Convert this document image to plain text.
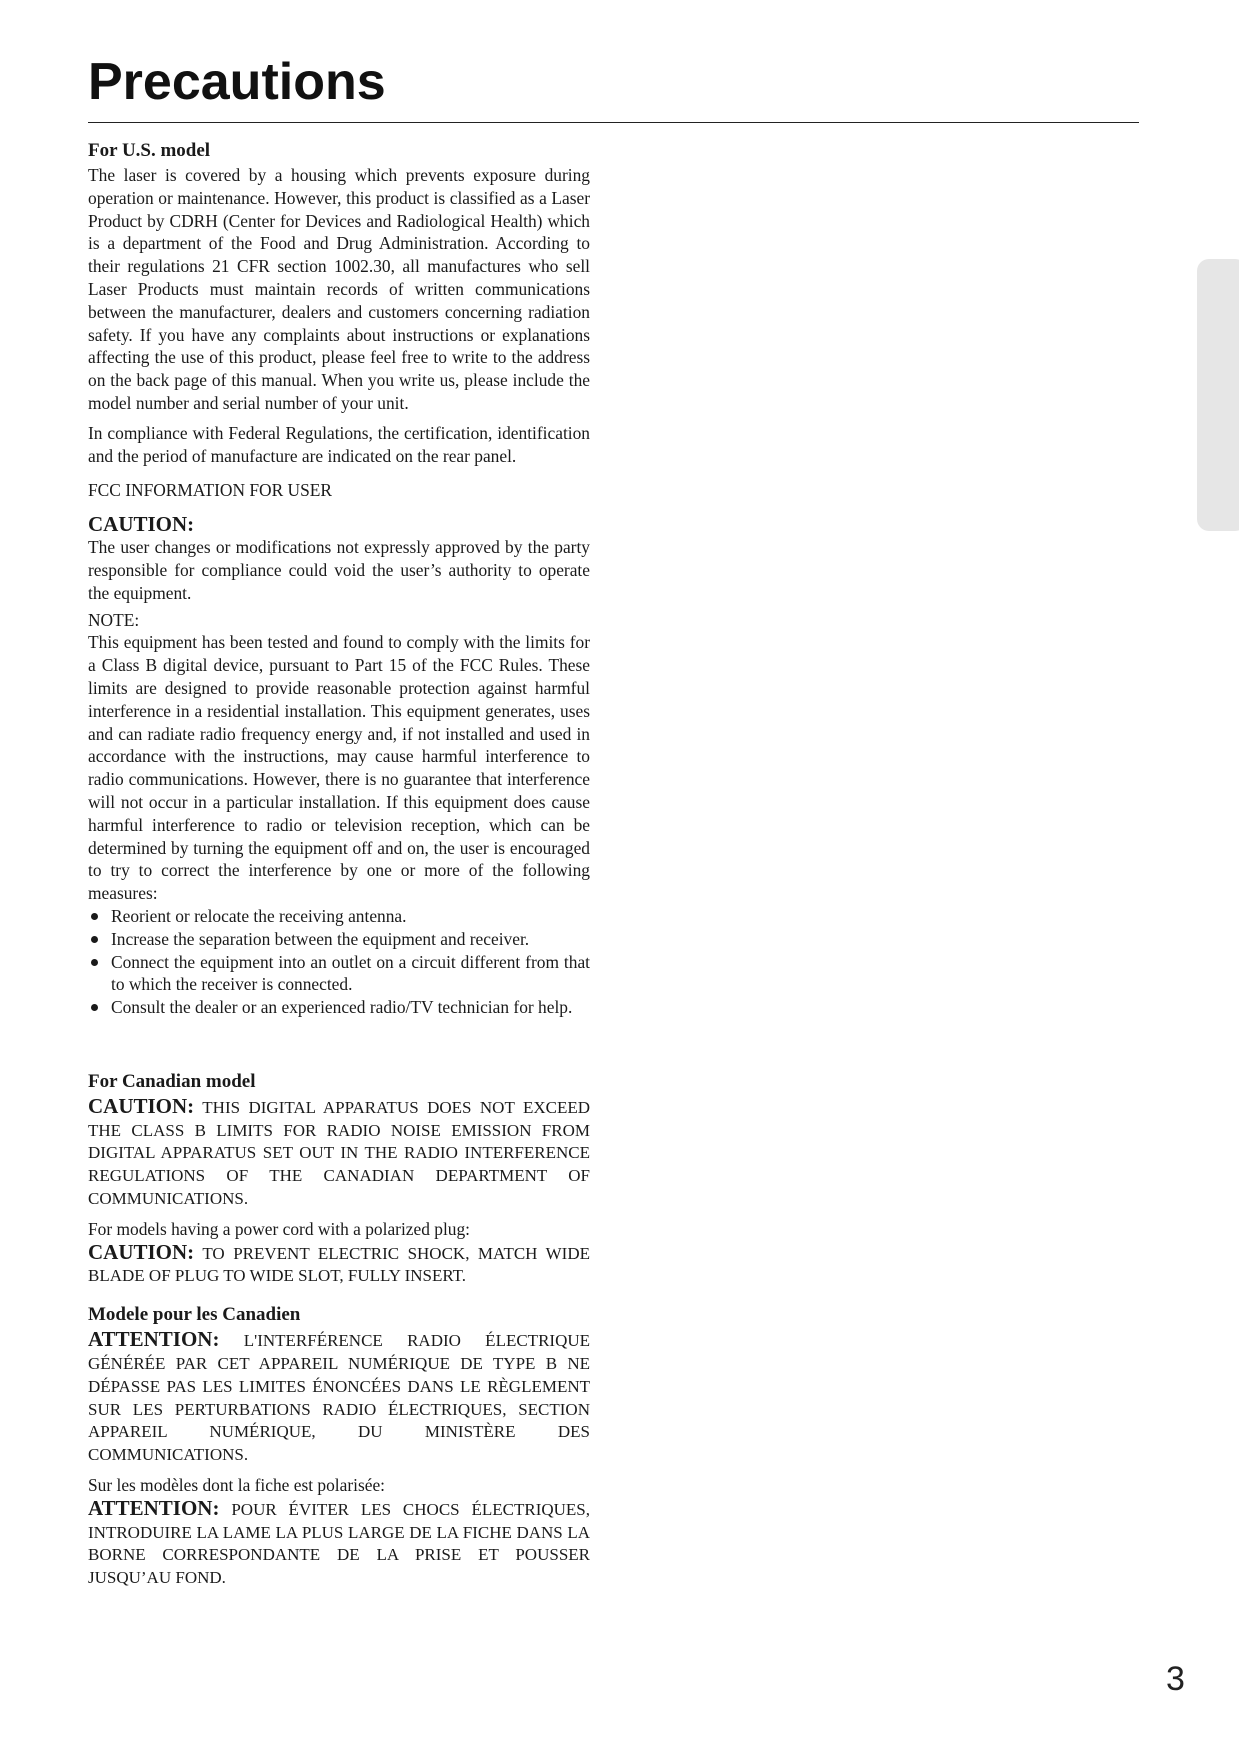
Precautions
For U.S. model

The laser is covered by a housing which prevents exposure during operation or maintenance. However, this product is classified as a Laser Product by CDRH (Center for Devices and Radiological Health) which is a department of the Food and Drug Administration. According to their regulations 21 CFR section 1002.30, all manufactures who sell Laser Products must maintain records of written communications between the manufacturer, dealers and customers concerning radiation safety. If you have any complaints about instructions or explanations affecting the use of this product, please feel free to write to the address on the back page of this manual. When you write us, please include the model number and serial number of your unit.

In compliance with Federal Regulations, the certification, identification and the period of manufacture are indicated on the rear panel.

FCC INFORMATION FOR USER

CAUTION:

The user changes or modifications not expressly approved by the party responsible for compliance could void the user’s authority to operate the equipment.

NOTE:

This equipment has been tested and found to comply with the limits for a Class B digital device, pursuant to Part 15 of the FCC Rules. These limits are designed to provide reasonable protection against harmful interference in a residential installation. This equipment generates, uses and can radiate radio frequency energy and, if not installed and used in accordance with the instructions, may cause harmful interference to radio communications. However, there is no guarantee that interference will not occur in a particular installation. If this equipment does cause harmful interference to radio or television reception, which can be determined by turning the equipment off and on, the user is encouraged to try to correct the interference by one or more of the following measures:

Reorient or relocate the receiving antenna.
Increase the separation between the equipment and receiver.
Connect the equipment into an outlet on a circuit different from that to which the receiver is connected.
Consult the dealer or an experienced radio/TV technician for help.
For Canadian model

CAUTION: THIS DIGITAL APPARATUS DOES NOT EXCEED THE CLASS B LIMITS FOR RADIO NOISE EMISSION FROM DIGITAL APPARATUS SET OUT IN THE RADIO INTERFERENCE REGULATIONS OF THE CANADIAN DEPARTMENT OF COMMUNICATIONS.

For models having a power cord with a polarized plug:

CAUTION: TO PREVENT ELECTRIC SHOCK, MATCH WIDE BLADE OF PLUG TO WIDE SLOT, FULLY INSERT.

Modele pour les Canadien

ATTENTION: L'INTERFÉRENCE RADIO ÉLECTRIQUE GÉNÉRÉE PAR CET APPAREIL NUMÉRIQUE DE TYPE B NE DÉPASSE PAS LES LIMITES ÉNONCÉES DANS LE RÈGLEMENT SUR LES PERTURBATIONS RADIO ÉLECTRIQUES, SECTION APPAREIL NUMÉRIQUE, DU MINISTÈRE DES COMMUNICATIONS.

Sur les modèles dont la fiche est polarisée:

ATTENTION: POUR ÉVITER LES CHOCS ÉLECTRIQUES, INTRODUIRE LA LAME LA PLUS LARGE DE LA FICHE DANS LA BORNE CORRESPONDANTE DE LA PRISE ET POUSSER JUSQU’AU FOND.

3
